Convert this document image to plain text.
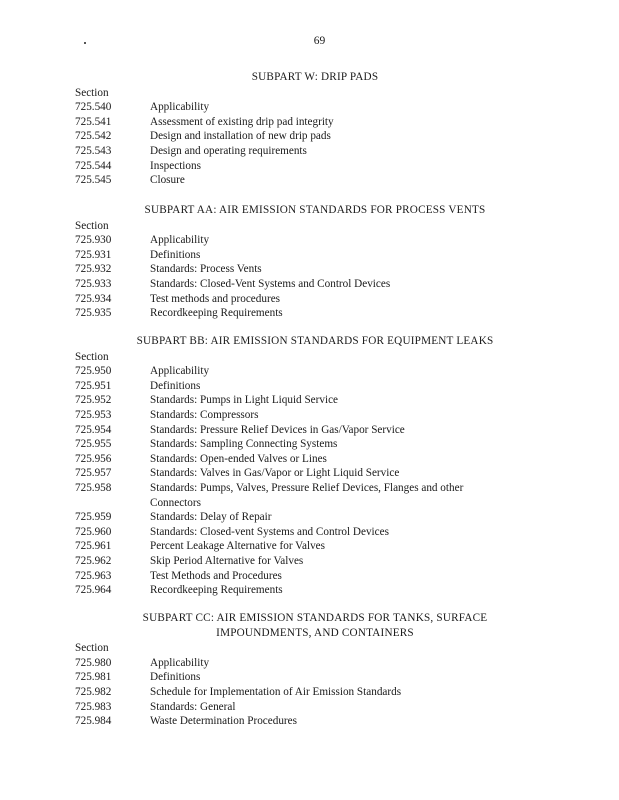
69
SUBPART W: DRIP PADS
Section
725.540	Applicability
725.541	Assessment of existing drip pad integrity
725.542	Design and installation of new drip pads
725.543	Design and operating requirements
725.544	Inspections
725.545	Closure
SUBPART AA: AIR EMISSION STANDARDS FOR PROCESS VENTS
Section
725.930	Applicability
725.931	Definitions
725.932	Standards: Process Vents
725.933	Standards: Closed-Vent Systems and Control Devices
725.934	Test methods and procedures
725.935	Recordkeeping Requirements
SUBPART BB: AIR EMISSION STANDARDS FOR EQUIPMENT LEAKS
Section
725.950	Applicability
725.951	Definitions
725.952	Standards: Pumps in Light Liquid Service
725.953	Standards: Compressors
725.954	Standards: Pressure Relief Devices in Gas/Vapor Service
725.955	Standards: Sampling Connecting Systems
725.956	Standards: Open-ended Valves or Lines
725.957	Standards: Valves in Gas/Vapor or Light Liquid Service
725.958	Standards: Pumps, Valves, Pressure Relief Devices, Flanges and other Connectors
725.959	Standards: Delay of Repair
725.960	Standards: Closed-vent Systems and Control Devices
725.961	Percent Leakage Alternative for Valves
725.962	Skip Period Alternative for Valves
725.963	Test Methods and Procedures
725.964	Recordkeeping Requirements
SUBPART CC: AIR EMISSION STANDARDS FOR TANKS, SURFACE IMPOUNDMENTS, AND CONTAINERS
Section
725.980	Applicability
725.981	Definitions
725.982	Schedule for Implementation of Air Emission Standards
725.983	Standards: General
725.984	Waste Determination Procedures
